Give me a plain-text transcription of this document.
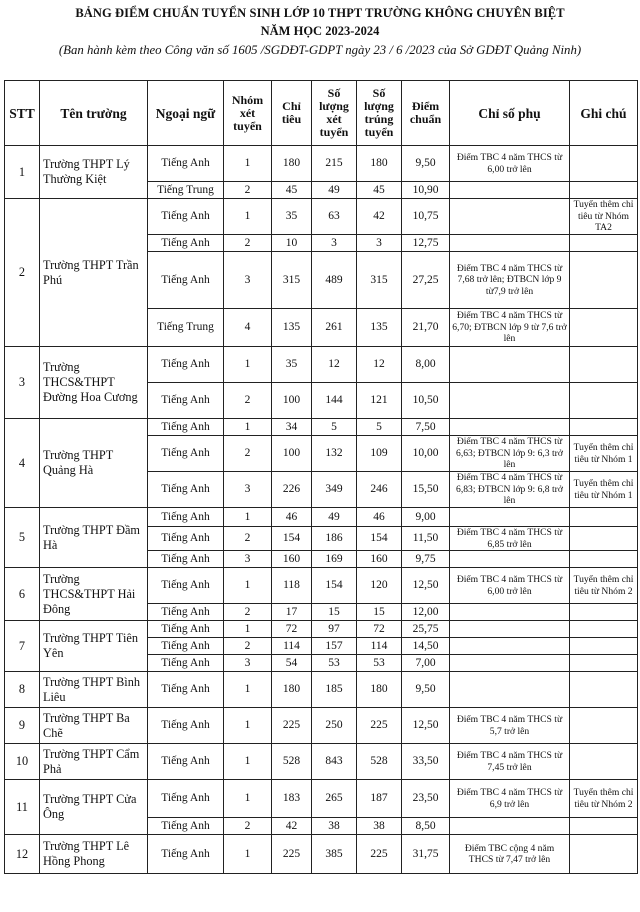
BẢNG ĐIỂM CHUẨN TUYỂN SINH LỚP 10 THPT TRƯỜNG KHÔNG CHUYÊN BIỆT
NĂM HỌC 2023-2024
(Ban hành kèm theo Công văn số 1605 /SGDĐT-GDPT ngày 23 / 6 /2023 của Sở GDĐT Quảng Ninh)
STT	Tên trường	Ngoại ngữ	Nhóm xét tuyển	Chỉ tiêu	Số lượng xét tuyển	Số lượng trúng tuyển	Điểm chuẩn	Chỉ số phụ	Ghi chú
1	Trường THPT Lý Thường Kiệt	Tiếng Anh	1	180	215	180	9,50	Điểm TBC 4 năm THCS từ 6,00 trở lên	
		Tiếng Trung	2	45	49	45	10,90		
2	Trường THPT Trần Phú	Tiếng Anh	1	35	63	42	10,75		Tuyển thêm chỉ tiêu từ Nhóm TA2
		Tiếng Anh	2	10	3	3	12,75		
		Tiếng Anh	3	315	489	315	27,25	Điểm TBC 4 năm THCS từ 7,68 trở lên; ĐTBCN lớp 9 từ7,9 trở lên	
		Tiếng Trung	4	135	261	135	21,70	Điểm TBC 4 năm THCS từ 6,70; ĐTBCN lớp 9 từ 7,6 trở lên	
3	Trường THCS&THPT Đường Hoa Cương	Tiếng Anh	1	35	12	12	8,00		
		Tiếng Anh	2	100	144	121	10,50		
4	Trường THPT Quảng Hà	Tiếng Anh	1	34	5	5	7,50		
		Tiếng Anh	2	100	132	109	10,00	Điểm TBC 4 năm THCS từ 6,63; ĐTBCN lớp 9: 6,3 trở lên	Tuyển thêm chỉ tiêu từ Nhóm 1
		Tiếng Anh	3	226	349	246	15,50	Điểm TBC 4 năm THCS từ 6,83; ĐTBCN lớp 9: 6,8 trở lên	Tuyển thêm chỉ tiêu từ Nhóm 1
5	Trường THPT Đầm Hà	Tiếng Anh	1	46	49	46	9,00		
		Tiếng Anh	2	154	186	154	11,50	Điểm TBC 4 năm THCS từ 6,85 trở lên	
		Tiếng Anh	3	160	169	160	9,75		
6	Trường THCS&THPT Hải Đông	Tiếng Anh	1	118	154	120	12,50	Điểm TBC 4 năm THCS từ 6,00 trở lên	Tuyển thêm chỉ tiêu từ Nhóm 2
		Tiếng Anh	2	17	15	15	12,00		
7	Trường THPT Tiên Yên	Tiếng Anh	1	72	97	72	25,75		
		Tiếng Anh	2	114	157	114	14,50		
		Tiếng Anh	3	54	53	53	7,00		
8	Trường THPT Bình Liêu	Tiếng Anh	1	180	185	180	9,50		
9	Trường THPT Ba Chẽ	Tiếng Anh	1	225	250	225	12,50	Điểm TBC 4 năm THCS từ 5,7 trở lên	
10	Trường THPT Cẩm Phả	Tiếng Anh	1	528	843	528	33,50	Điểm TBC 4 năm THCS từ 7,45 trở lên	
11	Trường THPT Cửa Ông	Tiếng Anh	1	183	265	187	23,50	Điểm TBC 4 năm THCS từ 6,9 trở lên	Tuyển thêm chỉ tiêu từ Nhóm 2
		Tiếng Anh	2	42	38	38	8,50		
12	Trường THPT Lê Hồng Phong	Tiếng Anh	1	225	385	225	31,75	Điểm TBC cộng 4 năm THCS từ 7,47 trở lên	
